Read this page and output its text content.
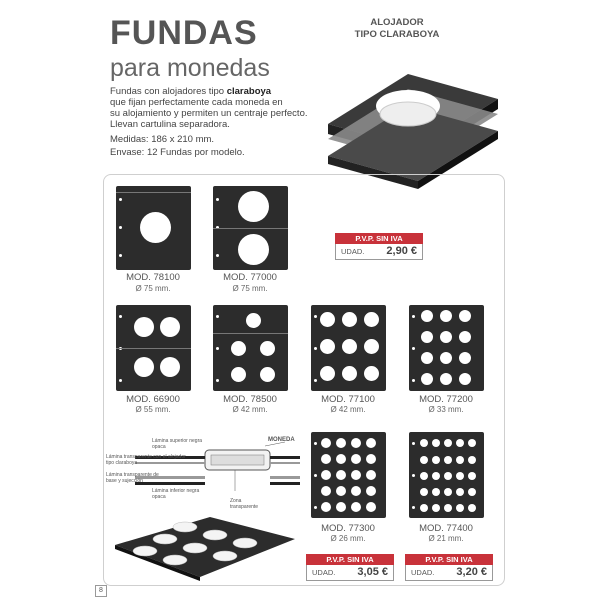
FUNDAS
para monedas
Fundas con alojadores tipo claraboya
que fijan perfectamente cada moneda en
su alojamiento y permiten un centraje perfecto.
Llevan cartulina separadora.
Medidas: 186 x 210 mm.
Envase: 12 Fundas por modelo.
ALOJADOR
TIPO CLARABOYA
MOD. 78100
Ø 75 mm.
MOD. 77000
Ø 75 mm.
P.V.P. SIN IVA
UDAD. 2,90 €
MOD. 66900
Ø 55 mm.
MOD. 78500
Ø 42 mm.
MOD. 77100
Ø 42 mm.
MOD. 77200
Ø 33 mm.
Lámina superior negra opaca
Lámina transparente con el alojador tipo claraboya
Lámina transparente de base y sujección
Lámina inferior negra opaca
MONEDA
Zona transparente
MOD. 77300
Ø 26 mm.
MOD. 77400
Ø 21 mm.
P.V.P. SIN IVA
UDAD. 3,05 €
P.V.P. SIN IVA
UDAD. 3,20 €
8
